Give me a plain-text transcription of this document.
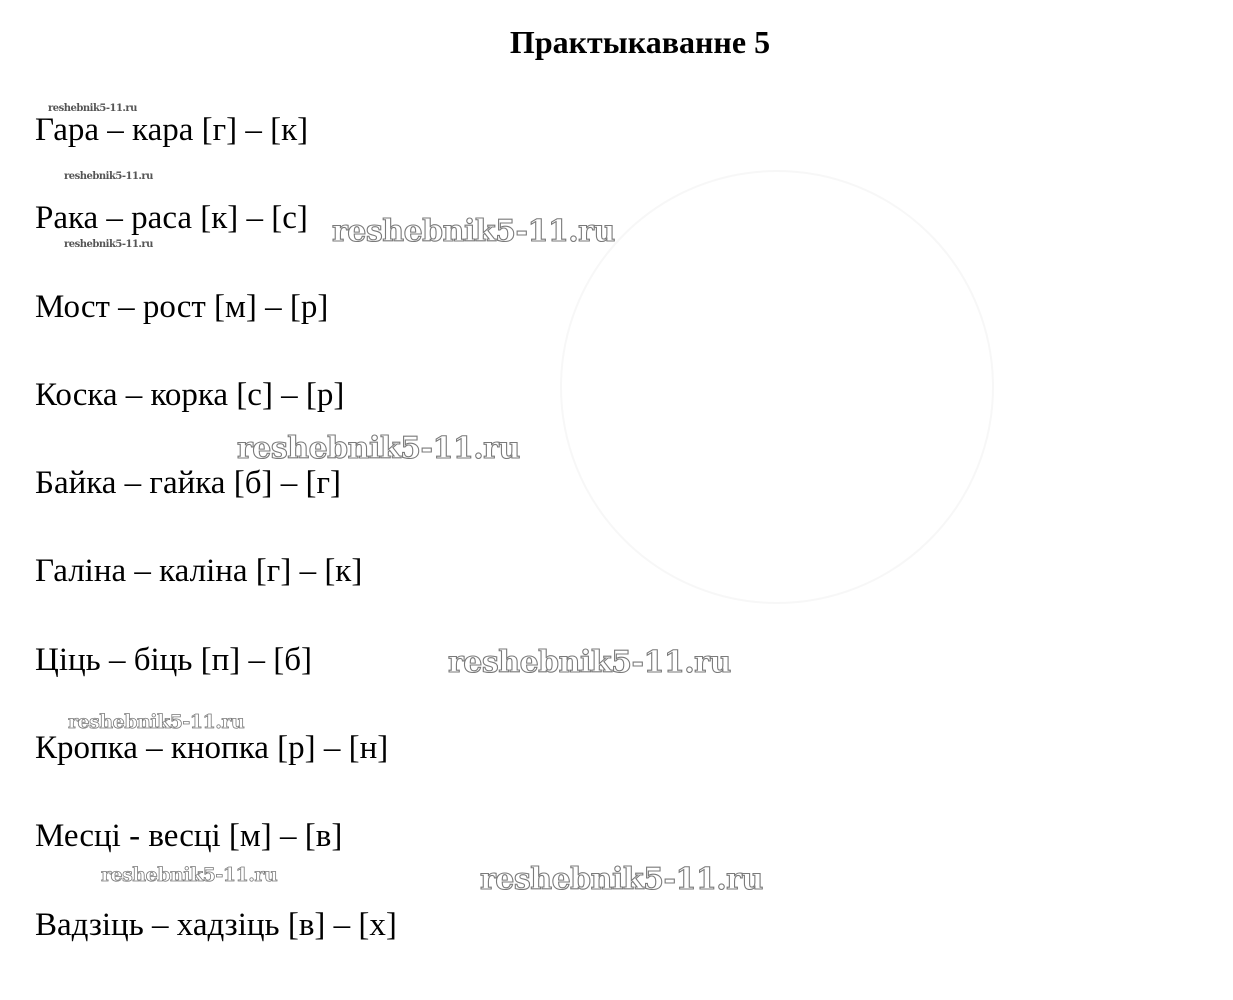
Практыкаванне 5
Гара – кара [г] – [к]
Рака – раса [к] – [с]
Мост – рост [м] – [р]
Коска – корка [с] – [р]
Байка – гайка [б] – [г]
Галіна – каліна [г] – [к]
Ціць – біць [п] – [б]
Кропка – кнопка [р] – [н]
Месці - весці [м] – [в]
Вадзіць – хадзіць [в] – [х]
reshebnik5-11.ru
reshebnik5-11.ru
reshebnik5-11.ru	reshebnik5-11.ru
reshebnik5-11.ru
reshebnik5-11.ru
reshebnik5-11.ru
reshebnik5-11.ru	reshebnik5-11.ru
